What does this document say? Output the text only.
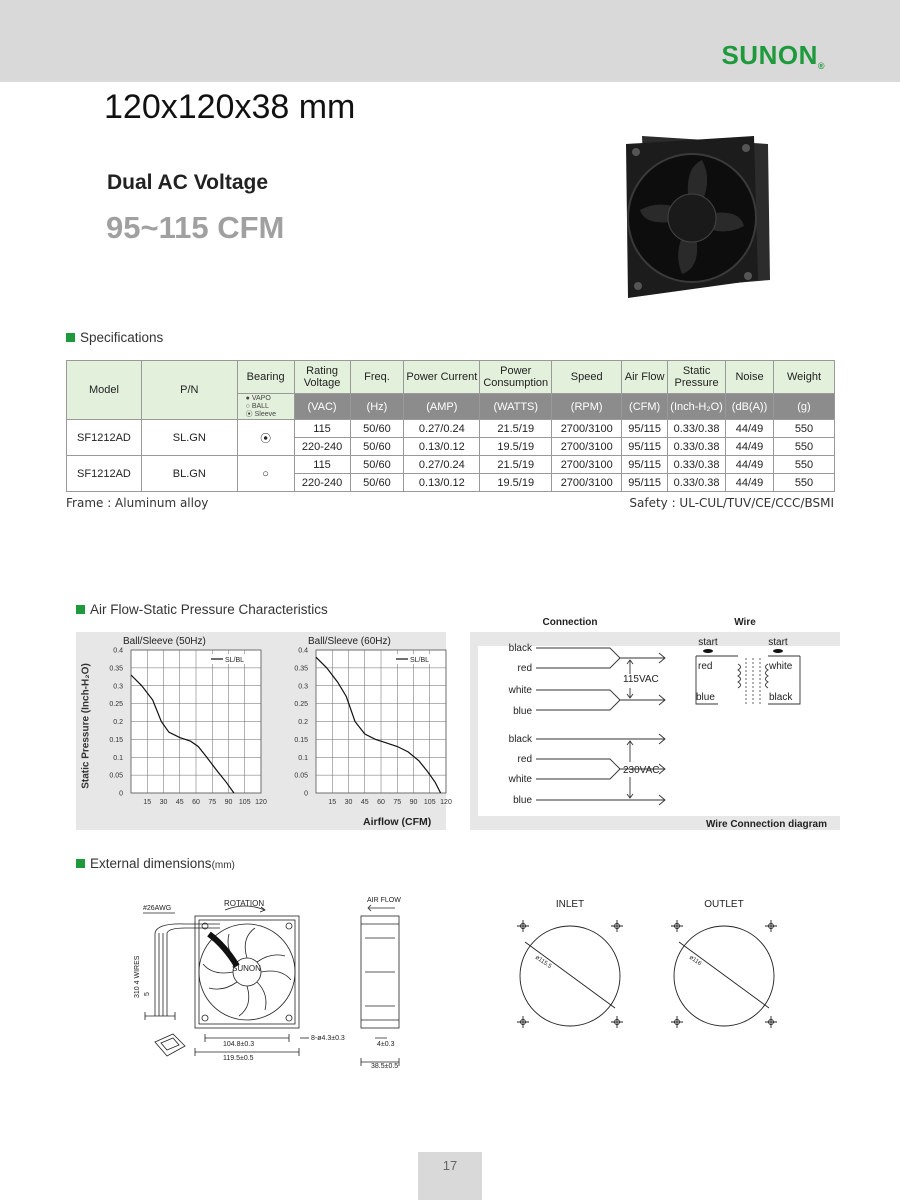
SUNON®
120x120x38 mm
Dual AC Voltage
95~115 CFM
Specifications
Model	P/N	Bearing	Rating Voltage	Freq.	Power Current	Power Consumption	Speed	Air Flow	Static Pressure	Noise	Weight

		● VAPO
○ BALL
⦿ Sleeve	(VAC)	(Hz)	(AMP)	(WATTS)	(RPM)	(CFM)	(Inch-H₂O)	(dB(A))	(g)
SF1212AD	SL.GN	⦿	115	50/60	0.27/0.24	21.5/19	2700/3100	95/115	0.33/0.38	44/49	550
			220-240	50/60	0.13/0.12	19.5/19	2700/3100	95/115	0.33/0.38	44/49	550
SF1212AD	BL.GN	○	115	50/60	0.27/0.24	21.5/19	2700/3100	95/115	0.33/0.38	44/49	550
			220-240	50/60	0.13/0.12	19.5/19	2700/3100	95/115	0.33/0.38	44/49	550
Frame : Aluminum alloy	Safety : UL-CUL/TUV/CE/CCC/BSMI
Air Flow-Static Pressure Characteristics
Static Pressure (Inch-H₂O)
Airflow (CFM)
Ball/Sleeve (50Hz)
15 30 45 60 75 90 105 120
0
0.05
0.1
0.15
0.2
0.25
0.3
0.35
0.4
SL/BL
Ball/Sleeve (60Hz)
15 30 45 60 75 90 105 120
0
0.05
0.1
0.15
0.2
0.25
0.3
0.35
0.4
SL/BL
Connection	Wire
black
red
white
blue
black
red
white
blue
115VAC
230VAC
start	start
red
blue
white
black
Wire Connection diagram
External dimensions(mm)
#26AWG
ROTATION	AIR FLOW
310 4 WIRES 5
SUNON
104.8±0.3
119.5±0.5
8-ø4.3±0.3
4±0.3
38.5±0.5
INLET	OUTLET
ø115.5	ø116
17
